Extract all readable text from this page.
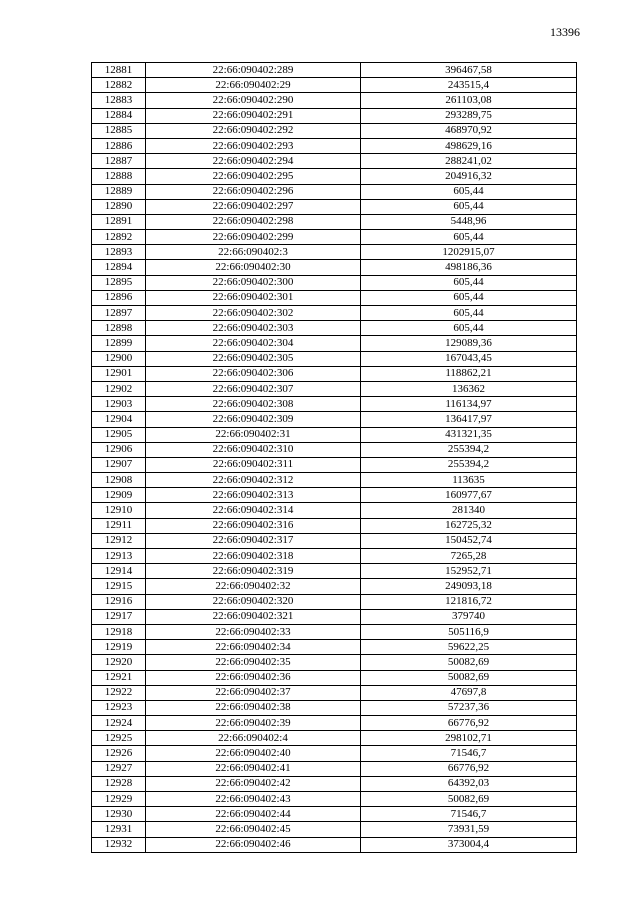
13396
12881	22:66:090402:289	396467,58
12882	22:66:090402:29	243515,4
12883	22:66:090402:290	261103,08
12884	22:66:090402:291	293289,75
12885	22:66:090402:292	468970,92
12886	22:66:090402:293	498629,16
12887	22:66:090402:294	288241,02
12888	22:66:090402:295	204916,32
12889	22:66:090402:296	605,44
12890	22:66:090402:297	605,44
12891	22:66:090402:298	5448,96
12892	22:66:090402:299	605,44
12893	22:66:090402:3	1202915,07
12894	22:66:090402:30	498186,36
12895	22:66:090402:300	605,44
12896	22:66:090402:301	605,44
12897	22:66:090402:302	605,44
12898	22:66:090402:303	605,44
12899	22:66:090402:304	129089,36
12900	22:66:090402:305	167043,45
12901	22:66:090402:306	118862,21
12902	22:66:090402:307	136362
12903	22:66:090402:308	116134,97
12904	22:66:090402:309	136417,97
12905	22:66:090402:31	431321,35
12906	22:66:090402:310	255394,2
12907	22:66:090402:311	255394,2
12908	22:66:090402:312	113635
12909	22:66:090402:313	160977,67
12910	22:66:090402:314	281340
12911	22:66:090402:316	162725,32
12912	22:66:090402:317	150452,74
12913	22:66:090402:318	7265,28
12914	22:66:090402:319	152952,71
12915	22:66:090402:32	249093,18
12916	22:66:090402:320	121816,72
12917	22:66:090402:321	379740
12918	22:66:090402:33	505116,9
12919	22:66:090402:34	59622,25
12920	22:66:090402:35	50082,69
12921	22:66:090402:36	50082,69
12922	22:66:090402:37	47697,8
12923	22:66:090402:38	57237,36
12924	22:66:090402:39	66776,92
12925	22:66:090402:4	298102,71
12926	22:66:090402:40	71546,7
12927	22:66:090402:41	66776,92
12928	22:66:090402:42	64392,03
12929	22:66:090402:43	50082,69
12930	22:66:090402:44	71546,7
12931	22:66:090402:45	73931,59
12932	22:66:090402:46	373004,4
